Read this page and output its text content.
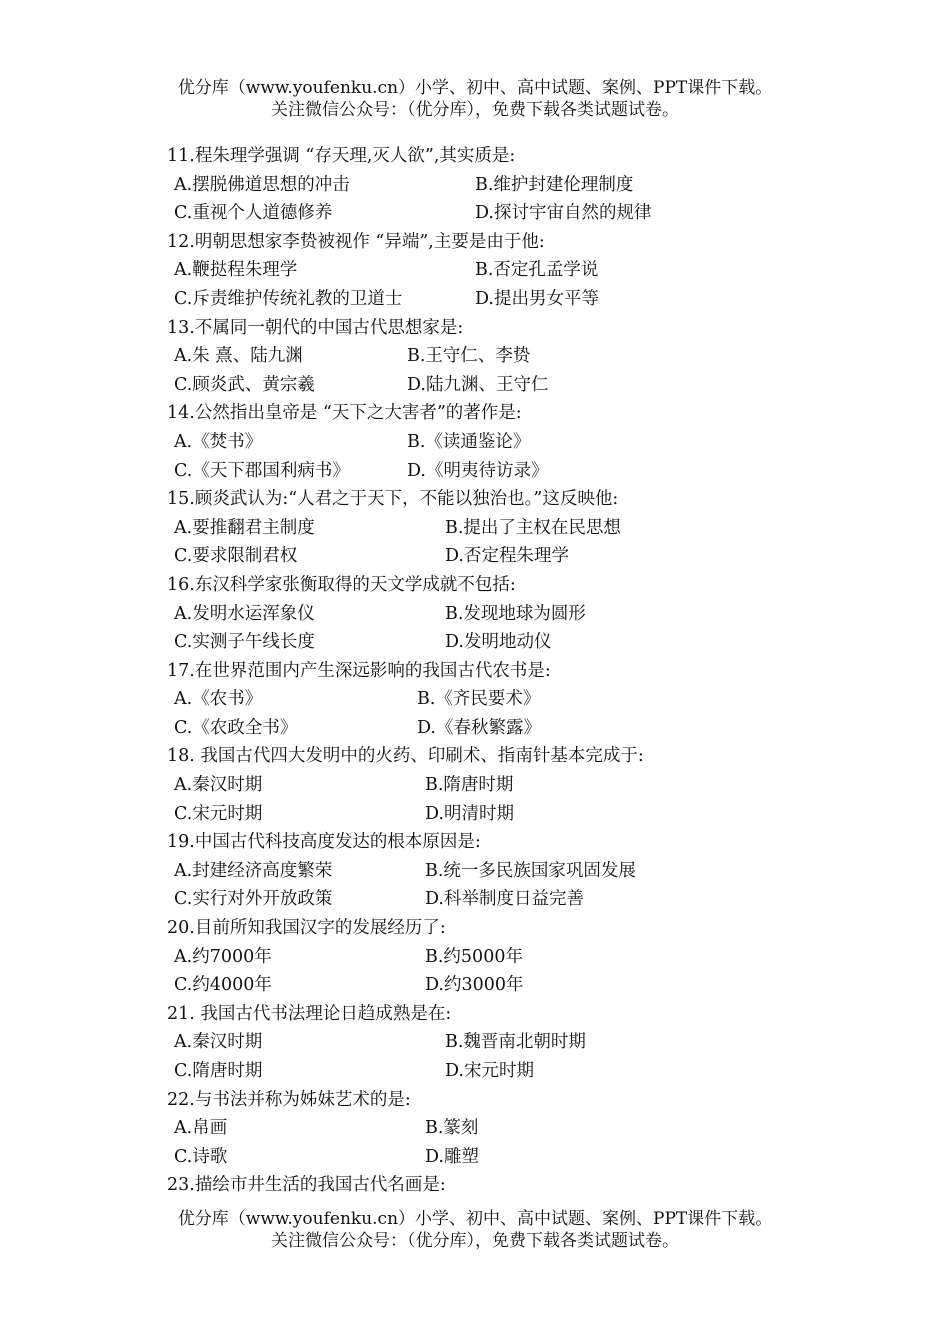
优分库（www.youfenku.cn）小学、初中、高中试题、案例、PPT课件下载。
关注微信公众号：（优分库），免费下载各类试题试卷。
11.程朱理学强调 “存天理,灭人欲”,其实质是:
A.摆脱佛道思想的冲击	B.维护封建伦理制度
C.重视个人道德修养	D.探讨宇宙自然的规律
12.明朝思想家李贽被视作 “异端”,主要是由于他:
A.鞭挞程朱理学	B.否定孔孟学说
C.斥责维护传统礼教的卫道士	D.提出男女平等
13.不属同一朝代的中国古代思想家是:
A.朱 熹、陆九渊	B.王守仁、李贽
C.顾炎武、黄宗羲	D.陆九渊、王守仁
14.公然指出皇帝是 “天下之大害者”的著作是:
A.《焚书》	B.《读通鉴论》
C.《天下郡国利病书》	D.《明夷待访录》
15.顾炎武认为:“人君之于天下，不能以独治也。”这反映他:
A.要推翻君主制度	B.提出了主权在民思想
C.要求限制君权	D.否定程朱理学
16.东汉科学家张衡取得的天文学成就不包括:
A.发明水运浑象仪	B.发现地球为圆形
C.实测子午线长度	D.发明地动仪
17.在世界范围内产生深远影响的我国古代农书是:
A.《农书》	B.《齐民要术》
C.《农政全书》	D.《春秋繁露》
18. 我国古代四大发明中的火药、印刷术、指南针基本完成于:
A.秦汉时期	B.隋唐时期
C.宋元时期	D.明清时期
19.中国古代科技高度发达的根本原因是:
A.封建经济高度繁荣	B.统一多民族国家巩固发展
C.实行对外开放政策	D.科举制度日益完善
20.目前所知我国汉字的发展经历了:
A.约7000年	B.约5000年
C.约4000年	D.约3000年
21. 我国古代书法理论日趋成熟是在:
A.秦汉时期	B.魏晋南北朝时期
C.隋唐时期	D.宋元时期
22.与书法并称为姊妹艺术的是:
A.帛画	B.篆刻
C.诗歌	D.雕塑
23.描绘市井生活的我国古代名画是:
优分库（www.youfenku.cn）小学、初中、高中试题、案例、PPT课件下载。
关注微信公众号：（优分库），免费下载各类试题试卷。
